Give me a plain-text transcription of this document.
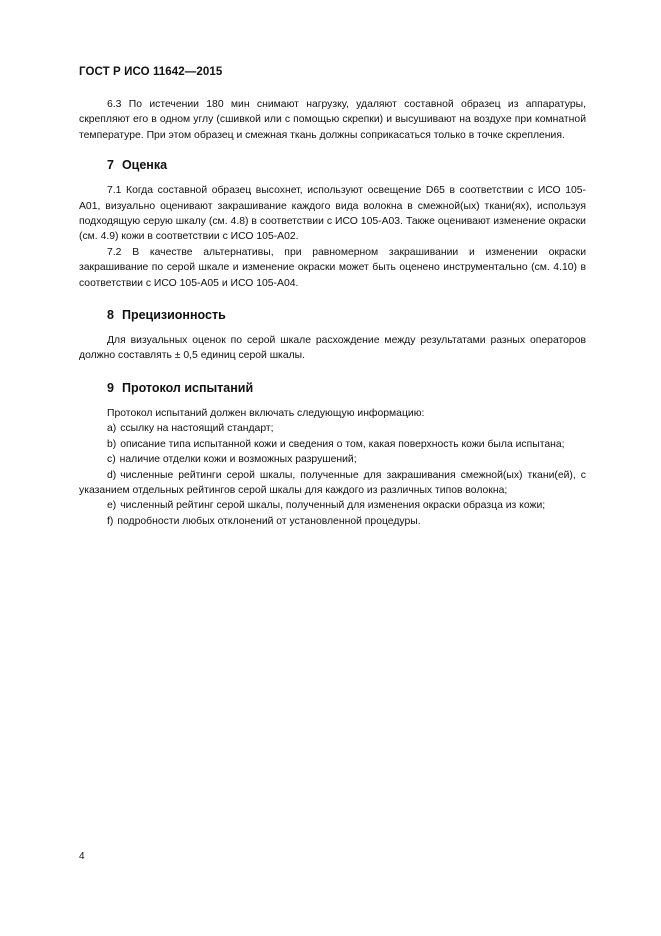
ГОСТ Р ИСО 11642—2015

6.3 По истечении 180 мин снимают нагрузку, удаляют составной образец из аппаратуры, скрепляют его в одном углу (сшивкой или с помощью скрепки) и высушивают на воздухе при комнатной температуре. При этом образец и смежная ткань должны соприкасаться только в точке скрепления.

7 Оценка

7.1 Когда составной образец высохнет, используют освещение D65 в соответствии с ИСО 105-A01, визуально оценивают закрашивание каждого вида волокна в смежной(ых) ткани(ях), используя подходящую серую шкалу (см. 4.8) в соответствии с ИСО 105-A03. Также оценивают изменение окраски (см. 4.9) кожи в соответствии с ИСО 105-A02.

7.2 В качестве альтернативы, при равномерном закрашивании и изменении окраски закрашивание по серой шкале и изменение окраски может быть оценено инструментально (см. 4.10) в соответствии с ИСО 105-A05 и ИСО 105-A04.

8 Прецизионность

Для визуальных оценок по серой шкале расхождение между результатами разных операторов должно составлять ± 0,5 единиц серой шкалы.

9 Протокол испытаний

Протокол испытаний должен включать следующую информацию:

a) ссылку на настоящий стандарт;

b) описание типа испытанной кожи и сведения о том, какая поверхность кожи была испытана;

c) наличие отделки кожи и возможных разрушений;

d) численные рейтинги серой шкалы, полученные для закрашивания смежной(ых) ткани(ей), с указанием отдельных рейтингов серой шкалы для каждого из различных типов волокна;

e) численный рейтинг серой шкалы, полученный для изменения окраски образца из кожи;

f) подробности любых отклонений от установленной процедуры.

4
